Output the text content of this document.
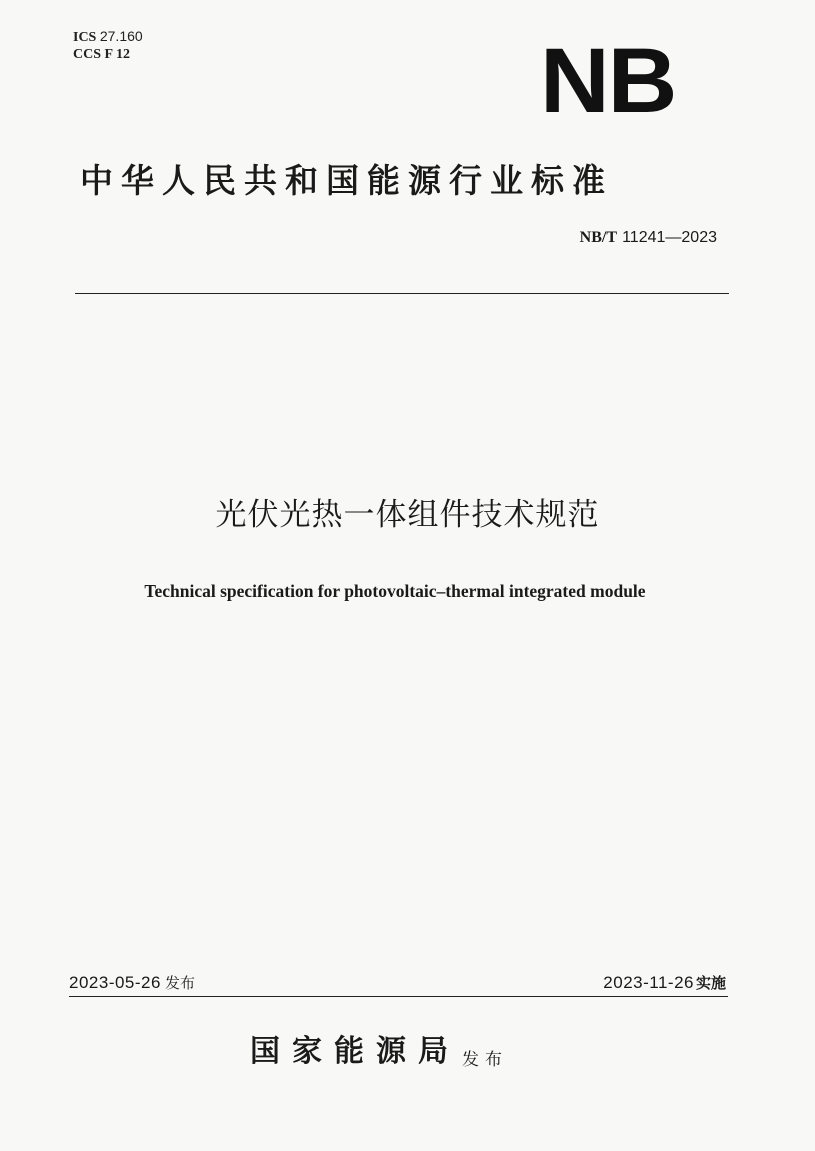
ICS 27.160
CCS F 12	NB
中华人民共和国能源行业标准
NB/T 11241—2023
光伏光热一体组件技术规范
Technical specification for photovoltaic–thermal integrated module
2023-05-26 发布	2023-11-26 实施
国家能源局 发布
